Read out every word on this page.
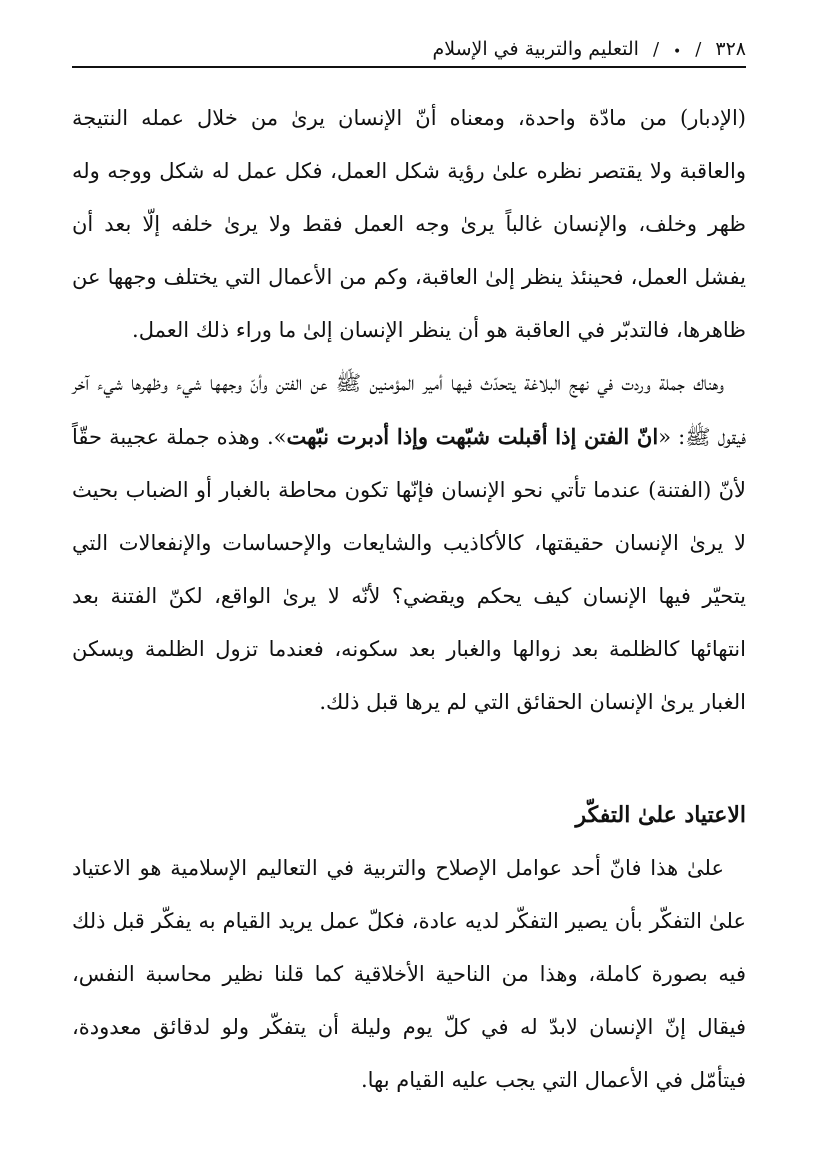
٣٢٨
/
•
/
التعليم والتربية في الإسلام

(الإدبار) من مادّة واحدة، ومعناه أنّ الإنسان يرىٰ من خلال عمله النتيجة والعاقبة ولا يقتصر نظره علىٰ رؤية شكل العمل، فكل عمل له شكل ووجه وله ظهر وخلف، والإنسان غالباً يرىٰ وجه العمل فقط ولا يرىٰ خلفه إلّا بعد أن يفشل العمل، فحينئذ ينظر إلىٰ العاقبة، وكم من الأعمال التي يختلف وجهها عن ظاهرها، فالتدبّر في العاقبة هو أن ينظر الإنسان إلىٰ ما وراء ذلك العمل.

وهناك جملة وردت في نهج البلاغة يتحدّث فيها أمير المؤمنين ﷺ عن الفتن وأنّ وجهها شيء وظهرها شيء آخر فيقول ﷺ: «انّ الفتن إذا أقبلت شبّهت وإذا أدبرت نبّهت». وهذه جملة عجيبة حقّاً لأنّ (الفتنة) عندما تأتي نحو الإنسان فإنّها تكون محاطة بالغبار أو الضباب بحيث لا يرىٰ الإنسان حقيقتها، كالأكاذيب والشايعات والإحساسات والإنفعالات التي يتحيّر فيها الإنسان كيف يحكم ويقضي؟ لأنّه لا يرىٰ الواقع، لكنّ الفتنة بعد انتهائها كالظلمة بعد زوالها والغبار بعد سكونه، فعندما تزول الظلمة ويسكن الغبار يرىٰ الإنسان الحقائق التي لم يرها قبل ذلك.

الاعتياد علىٰ التفكّر

علىٰ هذا فانّ أحد عوامل الإصلاح والتربية في التعاليم الإسلامية هو الاعتياد علىٰ التفكّر بأن يصير التفكّر لديه عادة، فكلّ عمل يريد القيام به يفكّر قبل ذلك فيه بصورة كاملة، وهذا من الناحية الأخلاقية كما قلنا نظير محاسبة النفس، فيقال إنّ الإنسان لابدّ له في كلّ يوم وليلة أن يتفكّر ولو لدقائق معدودة، فيتأمّل في الأعمال التي يجب عليه القيام بها.
